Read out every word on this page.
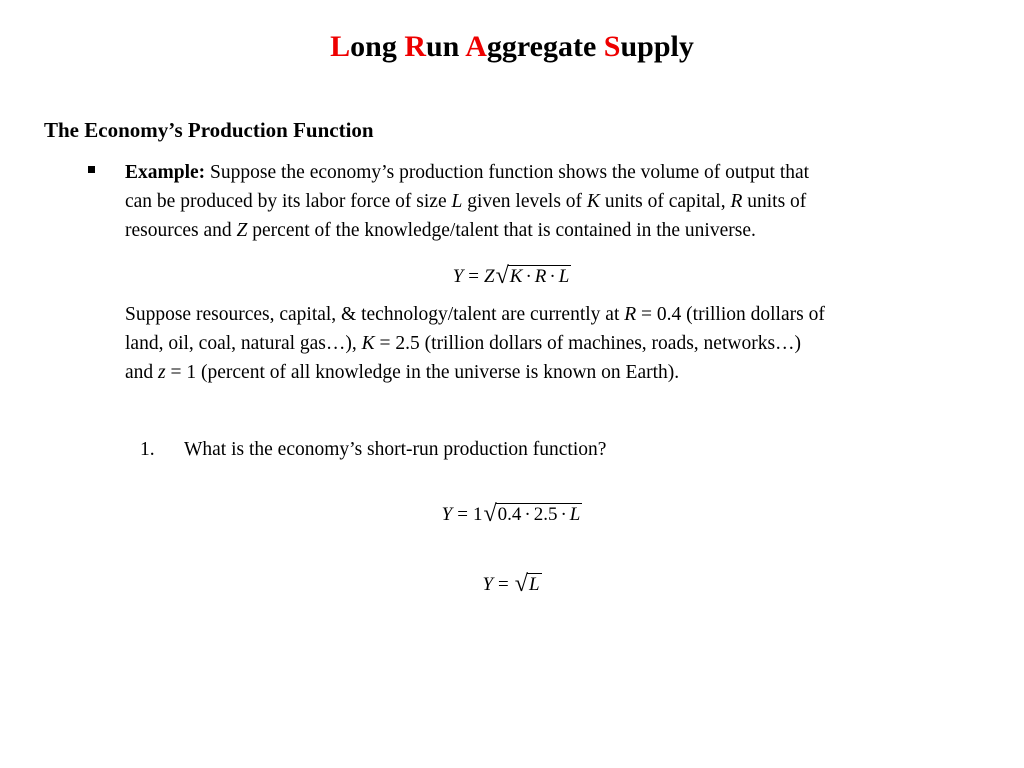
Long Run Aggregate Supply
The Economy’s Production Function
Example: Suppose the economy’s production function shows the volume of output that
can be produced by its labor force of size L given levels of K units of capital, R units of
resources and Z percent of the knowledge/talent that is contained in the universe.
Y = Z√K · R · L
Suppose resources, capital, & technology/talent are currently at R = 0.4 (trillion dollars of
land, oil, coal, natural gas…), K = 2.5 (trillion dollars of machines, roads, networks…)
and z = 1 (percent of all knowledge in the universe is known on Earth).
1. What is the economy’s short-run production function?
Y = 1√0.4 · 2.5 · L
Y = √L
